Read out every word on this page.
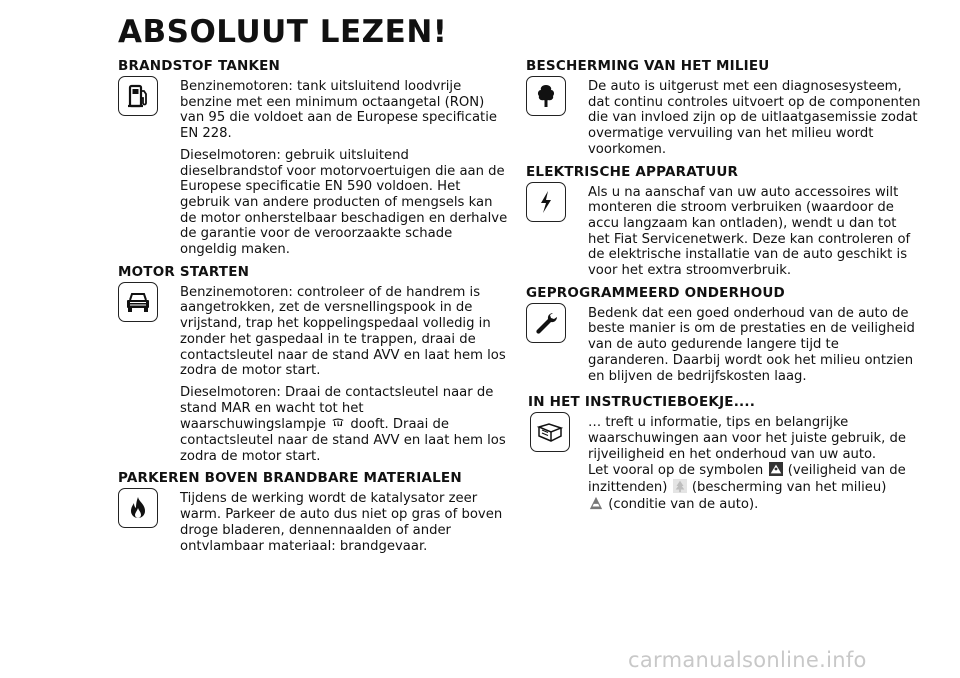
ABSOLUUT LEZEN!
BRANDSTOF TANKEN

Benzinemotoren: tank uitsluitend loodvrije benzine met een minimum octaangetal (RON) van 95 die voldoet aan de Europese specificatie EN 228.

Dieselmotoren: gebruik uitsluitend dieselbrandstof voor motorvoertuigen die aan de Europese specificatie EN 590 voldoen. Het gebruik van andere producten of mengsels kan de motor onherstelbaar beschadigen en derhalve de garantie voor de veroorzaakte schade ongeldig maken.

MOTOR STARTEN

Benzinemotoren: controleer of de handrem is aangetrokken, zet de versnellingspook in de vrijstand, trap het koppelingspedaal volledig in zonder het gaspedaal in te trappen, draai de contactsleutel naar de stand AVV en laat hem los zodra de motor start.

Dieselmotoren: Draai de contactsleutel naar de stand MAR en wacht tot het waarschuwingslampje dooft. Draai de contactsleutel naar de stand AVV en laat hem los zodra de motor start.

PARKEREN BOVEN BRANDBARE MATERIALEN

Tijdens de werking wordt de katalysator zeer warm. Parkeer de auto dus niet op gras of boven droge bladeren, dennennaalden of ander ontvlambaar materiaal: brandgevaar.

BESCHERMING VAN HET MILIEU

De auto is uitgerust met een diagnosesysteem, dat continu controles uitvoert op de componenten die van invloed zijn op de uitlaatgasemissie zodat overmatige vervuiling van het milieu wordt voorkomen.

ELEKTRISCHE APPARATUUR

Als u na aanschaf van uw auto accessoires wilt monteren die stroom verbruiken (waardoor de accu langzaam kan ontladen), wendt u dan tot het Fiat Servicenetwerk. Deze kan controleren of de elektrische installatie van de auto geschikt is voor het extra stroomverbruik.

GEPROGRAMMEERD ONDERHOUD

Bedenk dat een goed onderhoud van de auto de beste manier is om de prestaties en de veiligheid van de auto gedurende langere tijd te garanderen. Daarbij wordt ook het milieu ontzien en blijven de bedrijfskosten laag.

IN HET INSTRUCTIEBOEKJE....

… treft u informatie, tips en belangrijke waarschuwingen aan voor het juiste gebruik, de rijveiligheid en het onderhoud van uw auto.

Let vooral op de symbolen (veiligheid van de inzittenden) (bescherming van het milieu)
(conditie van de auto).

carmanualsonline.info
